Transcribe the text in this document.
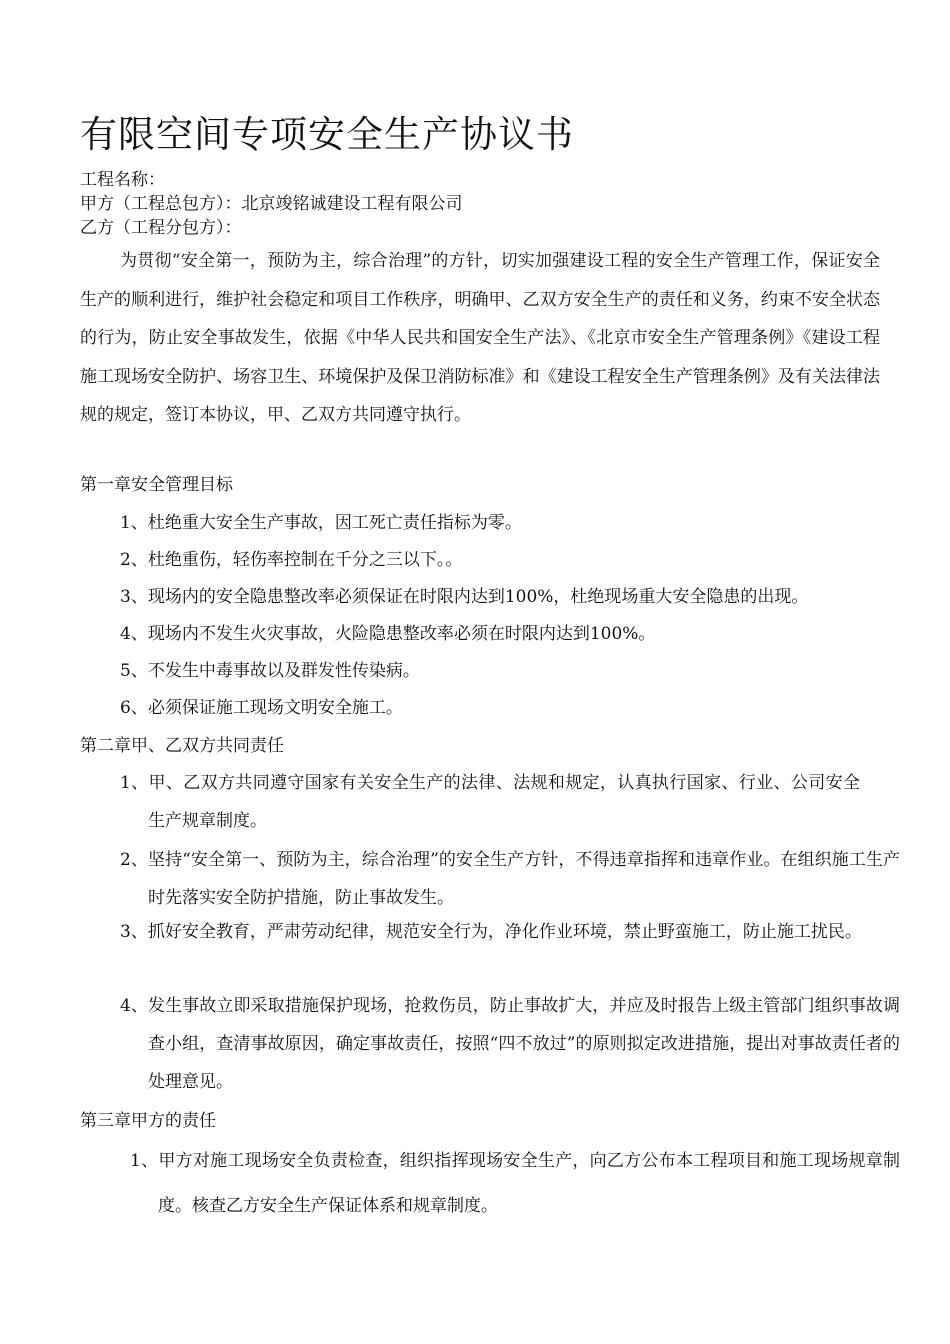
有限空间专项安全生产协议书
工程名称：
甲方（工程总包方）：北京竣铭诚建设工程有限公司
乙方（工程分包方）：

为贯彻“安全第一，预防为主，综合治理”的方针，切实加强建设工程的安全生产管理工作，保证安全生产的顺利进行，维护社会稳定和项目工作秩序，明确甲、乙双方安全生产的责任和义务，约束不安全状态的行为，防止安全事故发生，依据《中华人民共和国安全生产法》、《北京市安全生产管理条例》《建设工程施工现场安全防护、场容卫生、环境保护及保卫消防标准》和《建设工程安全生产管理条例》及有关法律法规的规定，签订本协议，甲、乙双方共同遵守执行。

第一章安全管理目标
1、杜绝重大安全生产事故，因工死亡责任指标为零。
2、杜绝重伤，轻伤率控制在千分之三以下。。
3、现场内的安全隐患整改率必须保证在时限内达到100%，杜绝现场重大安全隐患的出现。
4、现场内不发生火灾事故，火险隐患整改率必须在时限内达到100%。
5、不发生中毒事故以及群发性传染病。
6、必须保证施工现场文明安全施工。
第二章甲、乙双方共同责任

1、甲、乙双方共同遵守国家有关安全生产的法律、法规和规定，认真执行国家、行业、公司安全生产规章制度。

2、坚持“安全第一、预防为主，综合治理”的安全生产方针，不得违章指挥和违章作业。在组织施工生产时先落实安全防护措施，防止事故发生。

3、抓好安全教育，严肃劳动纪律，规范安全行为，净化作业环境，禁止野蛮施工，防止施工扰民。

4、发生事故立即采取措施保护现场，抢救伤员，防止事故扩大，并应及时报告上级主管部门组织事故调查小组，查清事故原因，确定事故责任，按照“四不放过”的原则拟定改进措施，提出对事故责任者的处理意见。

第三章甲方的责任

1、甲方对施工现场安全负责检查，组织指挥现场安全生产，向乙方公布本工程项目和施工现场规章制度。核查乙方安全生产保证体系和规章制度。
